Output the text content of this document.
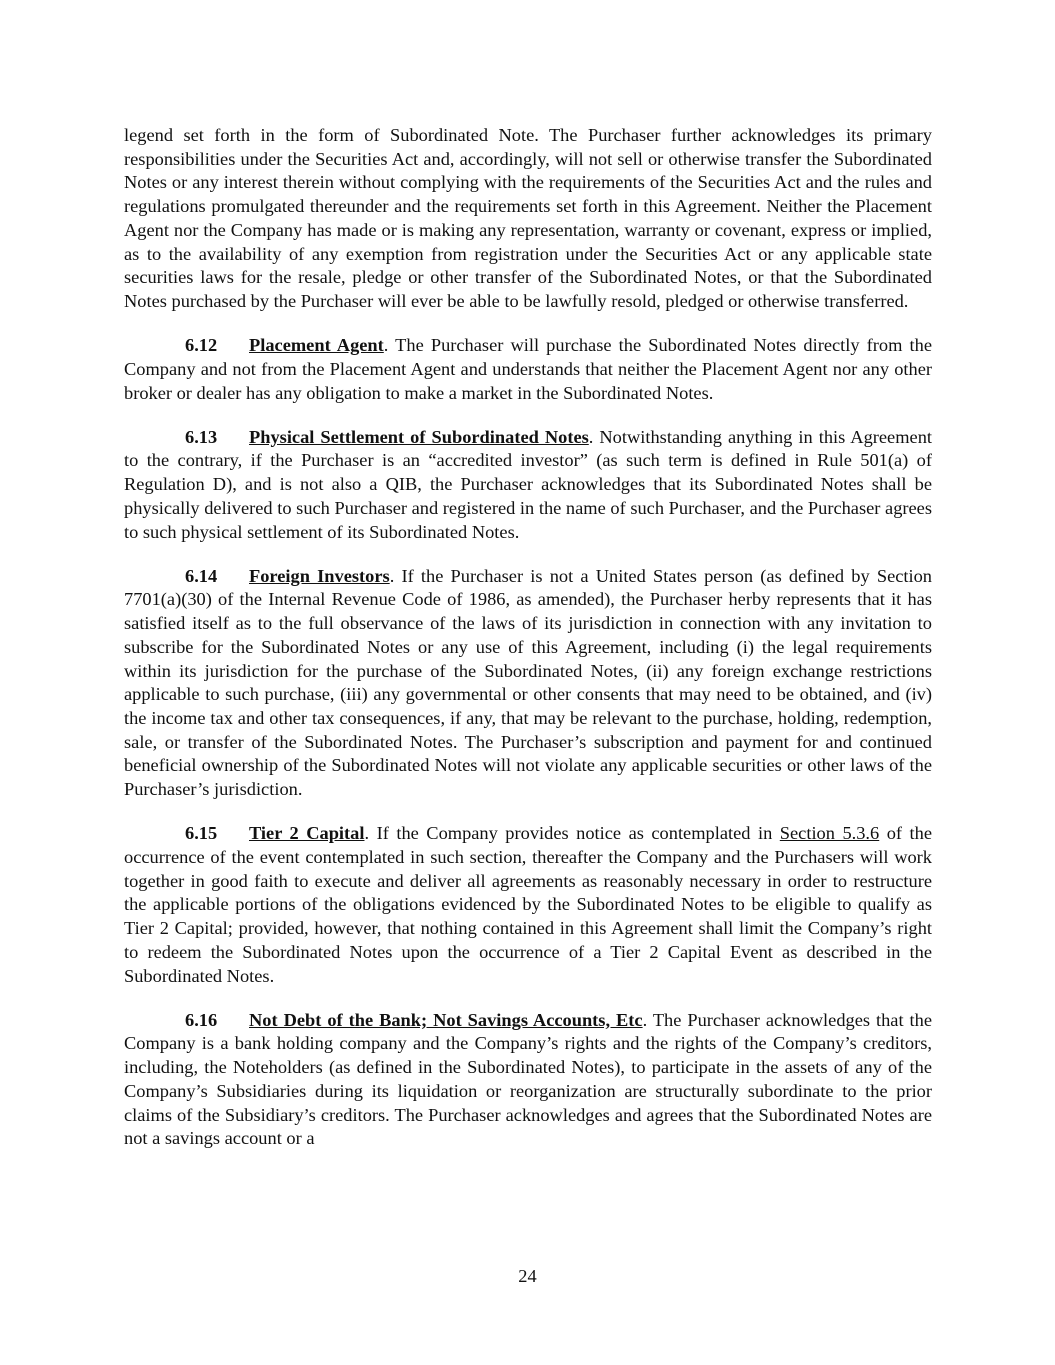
legend set forth in the form of Subordinated Note. The Purchaser further acknowledges its primary responsibilities under the Securities Act and, accordingly, will not sell or otherwise transfer the Subordinated Notes or any interest therein without complying with the requirements of the Securities Act and the rules and regulations promulgated thereunder and the requirements set forth in this Agreement. Neither the Placement Agent nor the Company has made or is making any representation, warranty or covenant, express or implied, as to the availability of any exemption from registration under the Securities Act or any applicable state securities laws for the resale, pledge or other transfer of the Subordinated Notes, or that the Subordinated Notes purchased by the Purchaser will ever be able to be lawfully resold, pledged or otherwise transferred.

6.12 Placement Agent. The Purchaser will purchase the Subordinated Notes directly from the Company and not from the Placement Agent and understands that neither the Placement Agent nor any other broker or dealer has any obligation to make a market in the Subordinated Notes.

6.13 Physical Settlement of Subordinated Notes. Notwithstanding anything in this Agreement to the contrary, if the Purchaser is an “accredited investor” (as such term is defined in Rule 501(a) of Regulation D), and is not also a QIB, the Purchaser acknowledges that its Subordinated Notes shall be physically delivered to such Purchaser and registered in the name of such Purchaser, and the Purchaser agrees to such physical settlement of its Subordinated Notes.

6.14 Foreign Investors. If the Purchaser is not a United States person (as defined by Section 7701(a)(30) of the Internal Revenue Code of 1986, as amended), the Purchaser herby represents that it has satisfied itself as to the full observance of the laws of its jurisdiction in connection with any invitation to subscribe for the Subordinated Notes or any use of this Agreement, including (i) the legal requirements within its jurisdiction for the purchase of the Subordinated Notes, (ii) any foreign exchange restrictions applicable to such purchase, (iii) any governmental or other consents that may need to be obtained, and (iv) the income tax and other tax consequences, if any, that may be relevant to the purchase, holding, redemption, sale, or transfer of the Subordinated Notes. The Purchaser’s subscription and payment for and continued beneficial ownership of the Subordinated Notes will not violate any applicable securities or other laws of the Purchaser’s jurisdiction.

6.15 Tier 2 Capital. If the Company provides notice as contemplated in Section 5.3.6 of the occurrence of the event contemplated in such section, thereafter the Company and the Purchasers will work together in good faith to execute and deliver all agreements as reasonably necessary in order to restructure the applicable portions of the obligations evidenced by the Subordinated Notes to be eligible to qualify as Tier 2 Capital; provided, however, that nothing contained in this Agreement shall limit the Company’s right to redeem the Subordinated Notes upon the occurrence of a Tier 2 Capital Event as described in the Subordinated Notes.

6.16 Not Debt of the Bank; Not Savings Accounts, Etc. The Purchaser acknowledges that the Company is a bank holding company and the Company’s rights and the rights of the Company’s creditors, including, the Noteholders (as defined in the Subordinated Notes), to participate in the assets of any of the Company’s Subsidiaries during its liquidation or reorganization are structurally subordinate to the prior claims of the Subsidiary’s creditors. The Purchaser acknowledges and agrees that the Subordinated Notes are not a savings account or a

24
